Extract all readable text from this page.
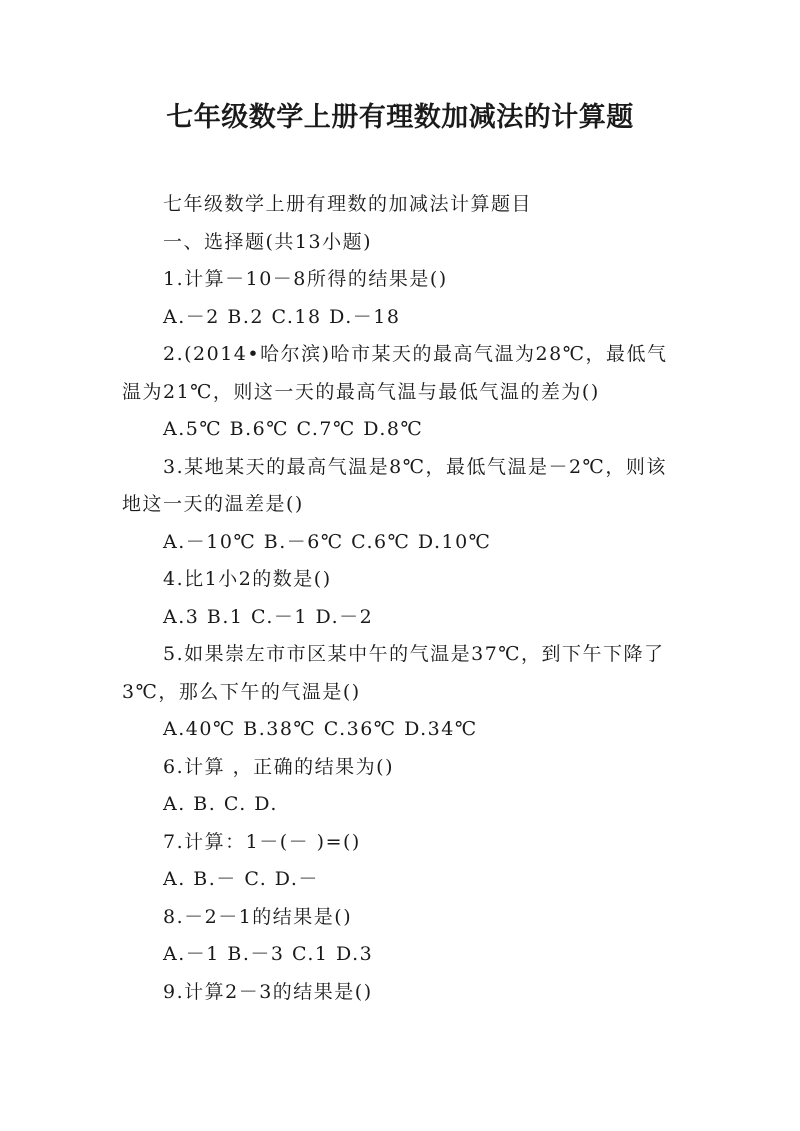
七年级数学上册有理数加减法的计算题
七年级数学上册有理数的加减法计算题目
一、选择题(共13小题)
1.计算－10－8所得的结果是()
A.－2 B.2 C.18 D.－18
2.(2014•哈尔滨)哈市某天的最高气温为28℃，最低气
温为21℃，则这一天的最高气温与最低气温的差为()
A.5℃ B.6℃ C.7℃ D.8℃
3.某地某天的最高气温是8℃，最低气温是－2℃，则该
地这一天的温差是()
A.－10℃ B.－6℃ C.6℃ D.10℃
4.比1小2的数是()
A.3 B.1 C.－1 D.－2
5.如果崇左市市区某中午的气温是37℃，到下午下降了
3℃，那么下午的气温是()
A.40℃ B.38℃ C.36℃ D.34℃
6.计算 ，正确的结果为()
A. B. C. D.
7.计算：1－(－ )=()
A. B.－ C. D.－
8.－2－1的结果是()
A.－1 B.－3 C.1 D.3
9.计算2－3的结果是()
